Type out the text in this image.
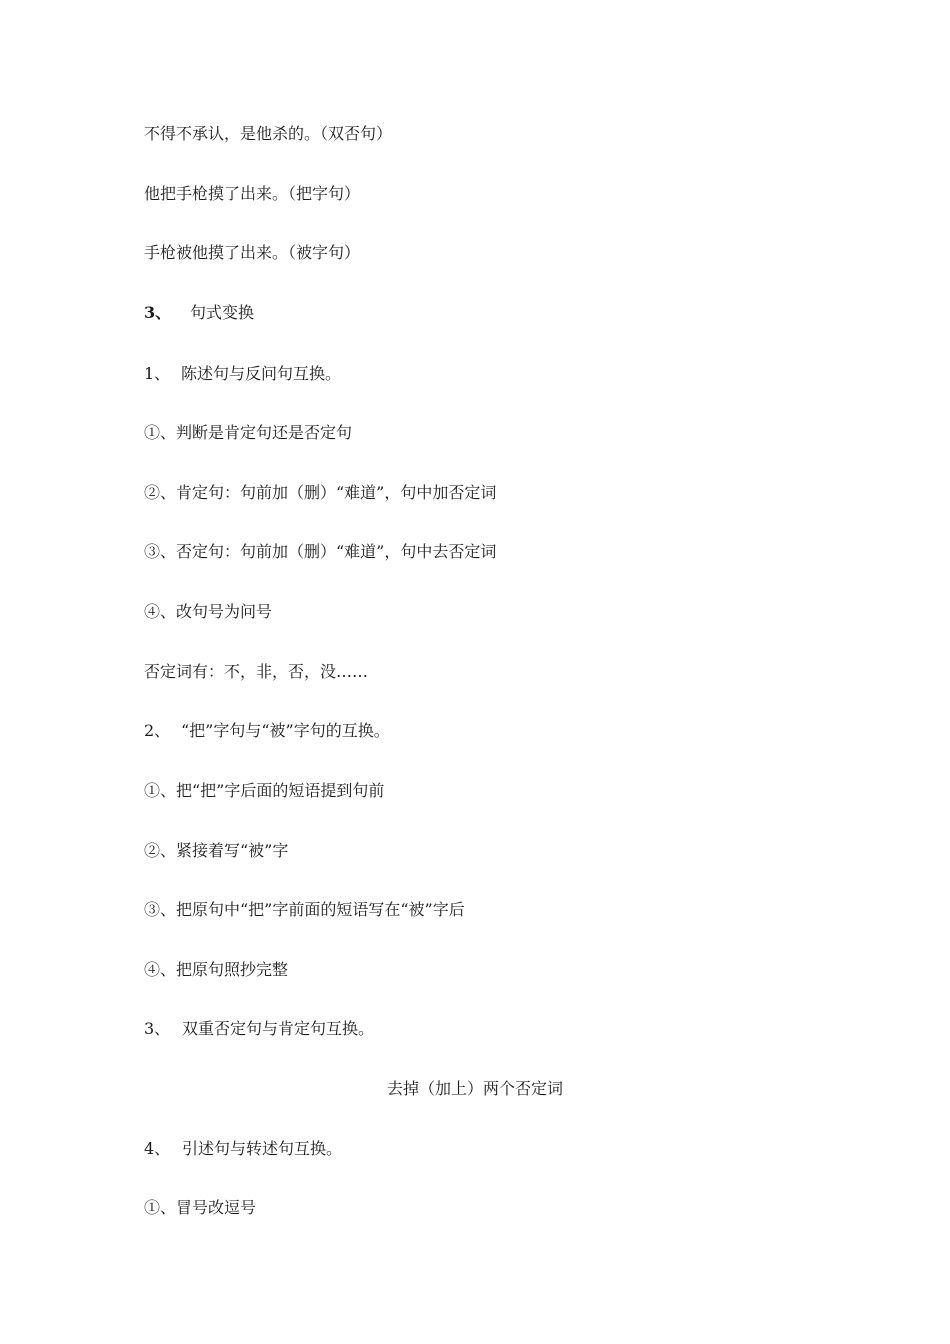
不得不承认，是他杀的。（双否句）
他把手枪摸了出来。（把字句）
手枪被他摸了出来。（被字句）
3、 句式变换
1、 陈述句与反问句互换。
①、判断是肯定句还是否定句
②、肯定句：句前加（删）“难道”，句中加否定词
③、否定句：句前加（删）“难道”，句中去否定词
④、改句号为问号
否定词有：不，非，否，没……
2、 “把”字句与“被”字句的互换。
①、把“把”字后面的短语提到句前
②、紧接着写“被”字
③、把原句中“把”字前面的短语写在“被”字后
④、把原句照抄完整
3、 双重否定句与肯定句互换。
去掉（加上）两个否定词
4、 引述句与转述句互换。
①、冒号改逗号
